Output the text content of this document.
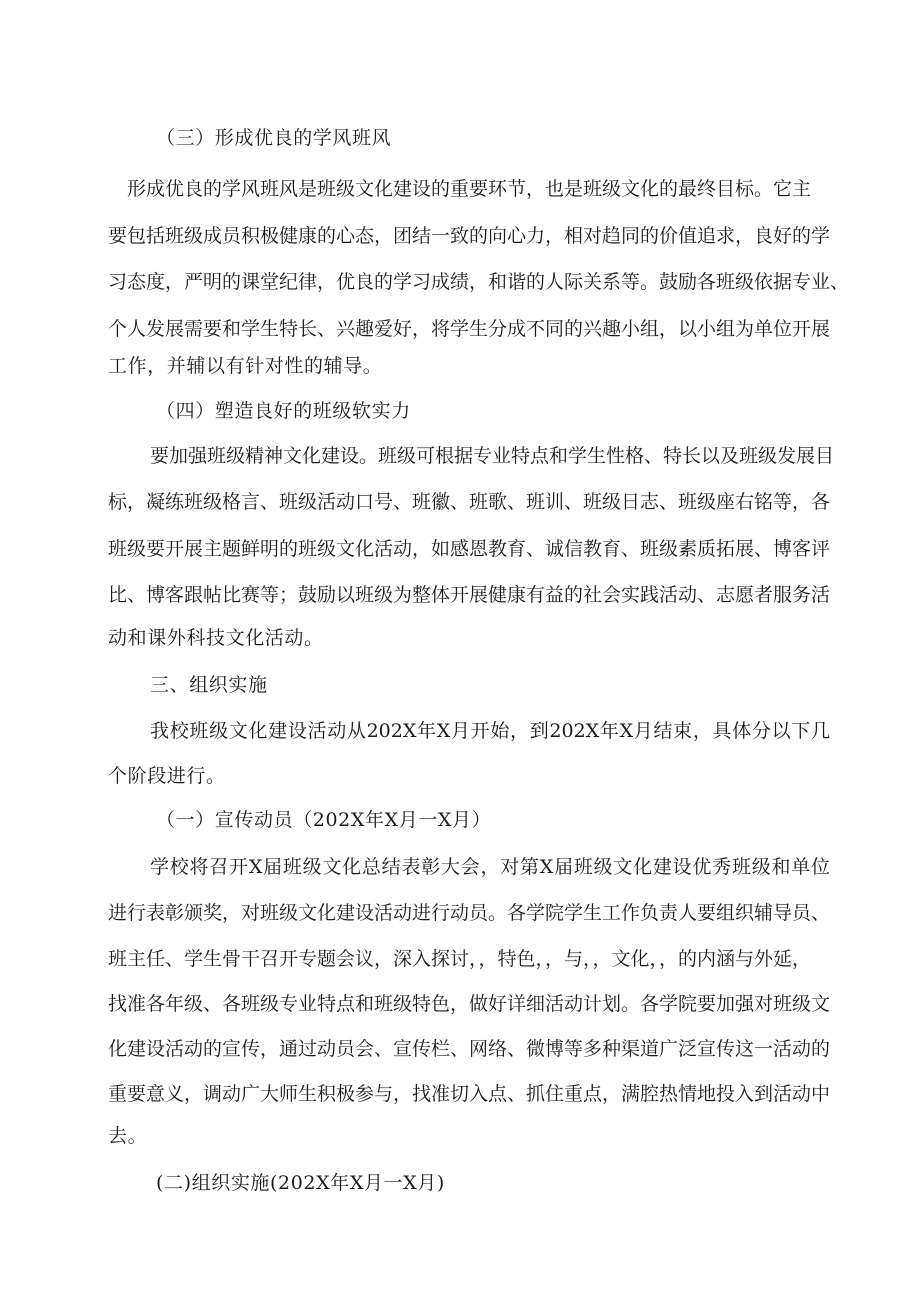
（三）形成优良的学风班风
形成优良的学风班风是班级文化建设的重要环节，也是班级文化的最终目标。它主
要包括班级成员积极健康的心态，团结一致的向心力，相对趋同的价值追求，良好的学
习态度，严明的课堂纪律，优良的学习成绩，和谐的人际关系等。鼓励各班级依据专业、
个人发展需要和学生特长、兴趣爱好，将学生分成不同的兴趣小组，以小组为单位开展
工作，并辅以有针对性的辅导。
（四）塑造良好的班级软实力
要加强班级精神文化建设。班级可根据专业特点和学生性格、特长以及班级发展目
标，凝练班级格言、班级活动口号、班徽、班歌、班训、班级日志、班级座右铭等，各
班级要开展主题鲜明的班级文化活动，如感恩教育、诚信教育、班级素质拓展、博客评
比、博客跟帖比赛等；鼓励以班级为整体开展健康有益的社会实践活动、志愿者服务活
动和课外科技文化活动。
三、组织实施
我校班级文化建设活动从202X年X月开始，到202X年X月结束，具体分以下几
个阶段进行。
（一）宣传动员（202X年X月一X月）
学校将召开X届班级文化总结表彰大会，对第X届班级文化建设优秀班级和单位
进行表彰颁奖，对班级文化建设活动进行动员。各学院学生工作负责人要组织辅导员、
班主任、学生骨干召开专题会议，深入探讨，，特色，，与，，文化，，的内涵与外延，
找准各年级、各班级专业特点和班级特色，做好详细活动计划。各学院要加强对班级文
化建设活动的宣传，通过动员会、宣传栏、网络、微博等多种渠道广泛宣传这一活动的
重要意义，调动广大师生积极参与，找准切入点、抓住重点，满腔热情地投入到活动中
去。
(二)组织实施(202X年X月一X月)
